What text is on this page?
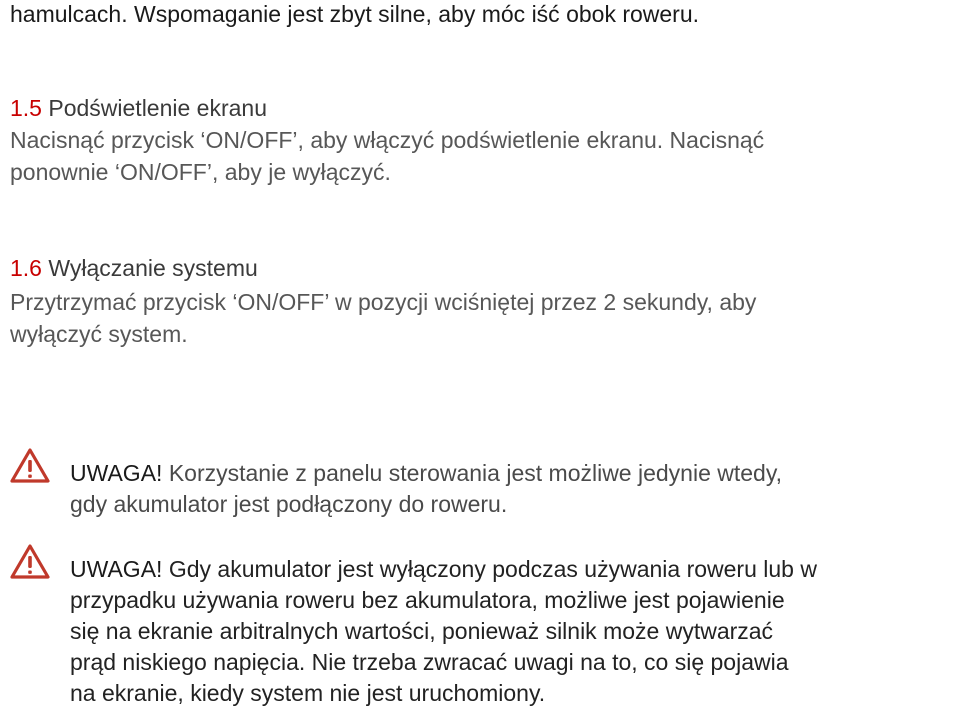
hamulcach. Wspomaganie jest zbyt silne, aby móc iść obok roweru.
1.5 Podświetlenie ekranu
Nacisnąć przycisk ‘ON/OFF’, aby włączyć podświetlenie ekranu. Nacisnąć
ponownie ‘ON/OFF’, aby je wyłączyć.
1.6 Wyłączanie systemu
Przytrzymać przycisk ‘ON/OFF’ w pozycji wciśniętej przez 2 sekundy, aby
wyłączyć system.
UWAGA! Korzystanie z panelu sterowania jest możliwe jedynie wtedy,
gdy akumulator jest podłączony do roweru.
UWAGA! Gdy akumulator jest wyłączony podczas używania roweru lub w
przypadku używania roweru bez akumulatora, możliwe jest pojawienie
się na ekranie arbitralnych wartości, ponieważ silnik może wytwarzać
prąd niskiego napięcia. Nie trzeba zwracać uwagi na to, co się pojawia
na ekranie, kiedy system nie jest uruchomiony.
